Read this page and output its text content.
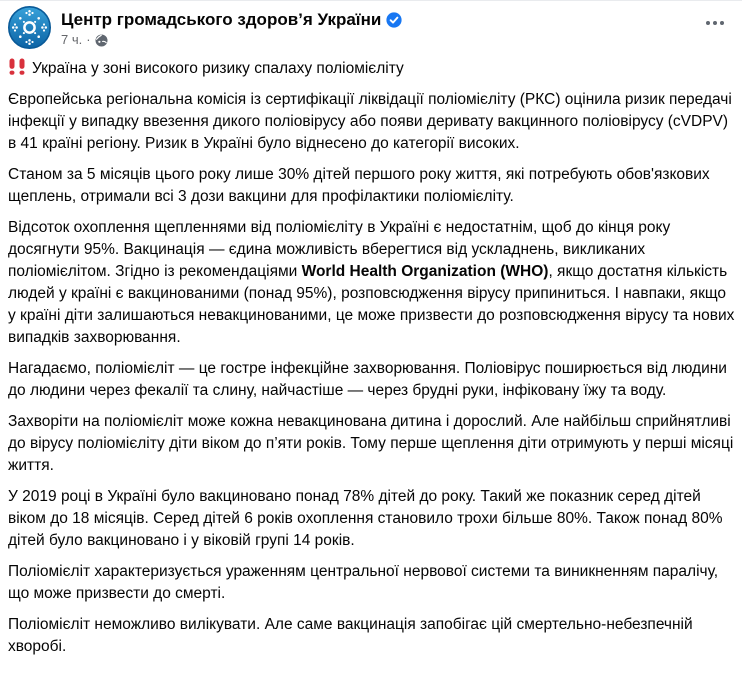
Центр громадського здоров’я України
7 ч. ·

Україна у зоні високого ризику спалаху поліомієліту

Європейська регіональна комісія із сертифікації ліквідації поліомієліту (РКС) оцінила ризик передачі інфекції у випадку ввезення дикого поліовірусу або появи деривату вакцинного поліовірусу (cVDPV) в 41 країні регіону. Ризик в Україні було віднесено до категорії високих.

Станом за 5 місяців цього року лише 30% дітей першого року життя, які потребують обов'язкових щеплень, отримали всі 3 дози вакцини для профілактики поліомієліту.

Відсоток охоплення щепленнями від поліомієліту в Україні є недостатнім, щоб до кінця року досягнути 95%. Вакцинація — єдина можливість вберегтися від ускладнень, викликаних поліомієлітом. Згідно із рекомендаціями World Health Organization (WHO), якщо достатня кількість людей у країні є вакцинованими (понад 95%), розповсюдження вірусу припиниться. І навпаки, якщо у країні діти залишаються невакцинованими, це може призвести до розповсюдження вірусу та нових випадків захворювання.

Нагадаємо, поліомієліт — це гостре інфекційне захворювання. Поліовірус поширюється від людини до людини через фекалії та слину, найчастіше — через брудні руки, інфіковану їжу та воду.

Захворіти на поліомієліт може кожна невакцинована дитина і дорослий. Але найбільш сприйнятливі до вірусу поліомієліту діти віком до п’яти років. Тому перше щеплення діти отримують у перші місяці життя.

У 2019 році в Україні було вакциновано понад 78% дітей до року. Такий же показник серед дітей віком до 18 місяців. Серед дітей 6 років охоплення становило трохи більше 80%. Також понад 80% дітей було вакциновано і у віковій групі 14 років.

Поліомієліт характеризується ураженням центральної нервової системи та виникненням паралічу, що може призвести до смерті.

Поліомієліт неможливо вилікувати. Але саме вакцинація запобігає цій смертельно-небезпечній хворобі.
